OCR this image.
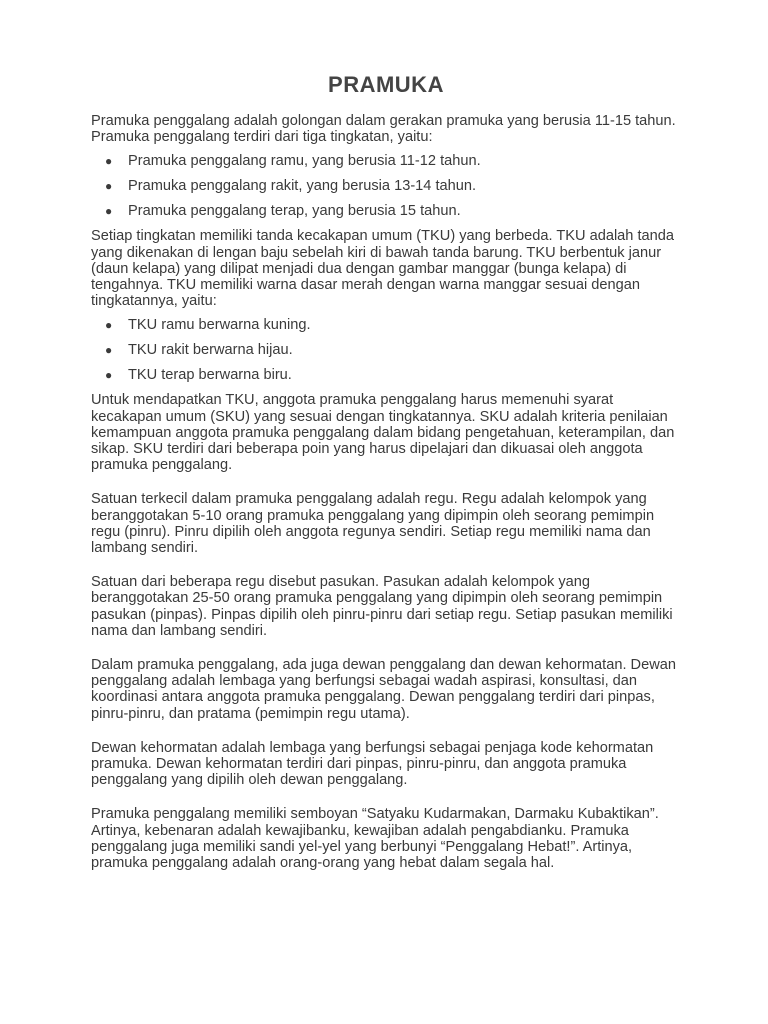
PRAMUKA

Pramuka penggalang adalah golongan dalam gerakan pramuka yang berusia 11-15 tahun. Pramuka penggalang terdiri dari tiga tingkatan, yaitu:

● Pramuka penggalang ramu, yang berusia 11-12 tahun.
● Pramuka penggalang rakit, yang berusia 13-14 tahun.
● Pramuka penggalang terap, yang berusia 15 tahun.

Setiap tingkatan memiliki tanda kecakapan umum (TKU) yang berbeda. TKU adalah tanda yang dikenakan di lengan baju sebelah kiri di bawah tanda barung. TKU berbentuk janur (daun kelapa) yang dilipat menjadi dua dengan gambar manggar (bunga kelapa) di tengahnya. TKU memiliki warna dasar merah dengan warna manggar sesuai dengan tingkatannya, yaitu:

● TKU ramu berwarna kuning.
● TKU rakit berwarna hijau.
● TKU terap berwarna biru.

Untuk mendapatkan TKU, anggota pramuka penggalang harus memenuhi syarat kecakapan umum (SKU) yang sesuai dengan tingkatannya. SKU adalah kriteria penilaian kemampuan anggota pramuka penggalang dalam bidang pengetahuan, keterampilan, dan sikap. SKU terdiri dari beberapa poin yang harus dipelajari dan dikuasai oleh anggota pramuka penggalang.

Satuan terkecil dalam pramuka penggalang adalah regu. Regu adalah kelompok yang beranggotakan 5-10 orang pramuka penggalang yang dipimpin oleh seorang pemimpin regu (pinru). Pinru dipilih oleh anggota regunya sendiri. Setiap regu memiliki nama dan lambang sendiri.

Satuan dari beberapa regu disebut pasukan. Pasukan adalah kelompok yang beranggotakan 25-50 orang pramuka penggalang yang dipimpin oleh seorang pemimpin pasukan (pinpas). Pinpas dipilih oleh pinru-pinru dari setiap regu. Setiap pasukan memiliki nama dan lambang sendiri.

Dalam pramuka penggalang, ada juga dewan penggalang dan dewan kehormatan. Dewan penggalang adalah lembaga yang berfungsi sebagai wadah aspirasi, konsultasi, dan koordinasi antara anggota pramuka penggalang. Dewan penggalang terdiri dari pinpas, pinru-pinru, dan pratama (pemimpin regu utama).

Dewan kehormatan adalah lembaga yang berfungsi sebagai penjaga kode kehormatan pramuka. Dewan kehormatan terdiri dari pinpas, pinru-pinru, dan anggota pramuka penggalang yang dipilih oleh dewan penggalang.

Pramuka penggalang memiliki semboyan “Satyaku Kudarmakan, Darmaku Kubaktikan”. Artinya, kebenaran adalah kewajibanku, kewajiban adalah pengabdianku. Pramuka penggalang juga memiliki sandi yel-yel yang berbunyi “Penggalang Hebat!”. Artinya, pramuka penggalang adalah orang-orang yang hebat dalam segala hal.
